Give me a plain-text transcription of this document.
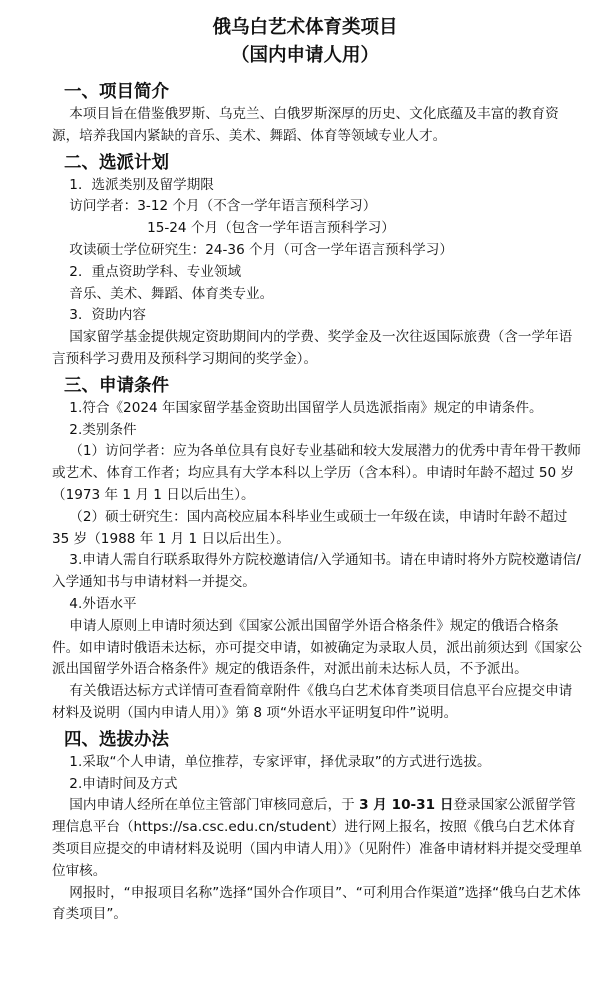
俄乌白艺术体育类项目
（国内申请人用）
一、项目简介
本项目旨在借鉴俄罗斯、乌克兰、白俄罗斯深厚的历史、文化底蕴及丰富的教育资源，培养我国内紧缺的音乐、美术、舞蹈、体育等领域专业人才。
二、选派计划
1．选派类别及留学期限
访问学者：3-12 个月（不含一学年语言预科学习）
15-24 个月（包含一学年语言预科学习）
攻读硕士学位研究生：24-36 个月（可含一学年语言预科学习）
2．重点资助学科、专业领域
音乐、美术、舞蹈、体育类专业。
3．资助内容
国家留学基金提供规定资助期间内的学费、奖学金及一次往返国际旅费（含一学年语言预科学习费用及预科学习期间的奖学金）。
三、申请条件
1.符合《2024 年国家留学基金资助出国留学人员选派指南》规定的申请条件。
2.类别条件
（1）访问学者：应为各单位具有良好专业基础和较大发展潜力的优秀中青年骨干教师或艺术、体育工作者；均应具有大学本科以上学历（含本科）。申请时年龄不超过 50 岁（1973 年 1 月 1 日以后出生）。
（2）硕士研究生：国内高校应届本科毕业生或硕士一年级在读，申请时年龄不超过 35 岁（1988 年 1 月 1 日以后出生）。
3.申请人需自行联系取得外方院校邀请信/入学通知书。请在申请时将外方院校邀请信/入学通知书与申请材料一并提交。
4.外语水平
申请人原则上申请时须达到《国家公派出国留学外语合格条件》规定的俄语合格条件。如申请时俄语未达标，亦可提交申请，如被确定为录取人员，派出前须达到《国家公派出国留学外语合格条件》规定的俄语条件，对派出前未达标人员，不予派出。
有关俄语达标方式详情可查看简章附件《俄乌白艺术体育类项目信息平台应提交申请材料及说明（国内申请人用）》第 8 项“外语水平证明复印件”说明。
四、选拔办法
1.采取“个人申请，单位推荐，专家评审，择优录取”的方式进行选拔。
2.申请时间及方式
国内申请人经所在单位主管部门审核同意后，于 3 月 10-31 日登录国家公派留学管理信息平台（https://sa.csc.edu.cn/student）进行网上报名，按照《俄乌白艺术体育类项目应提交的申请材料及说明（国内申请人用）》（见附件）准备申请材料并提交受理单位审核。
网报时，“申报项目名称”选择“国外合作项目”、“可利用合作渠道”选择“俄乌白艺术体育类项目”。
